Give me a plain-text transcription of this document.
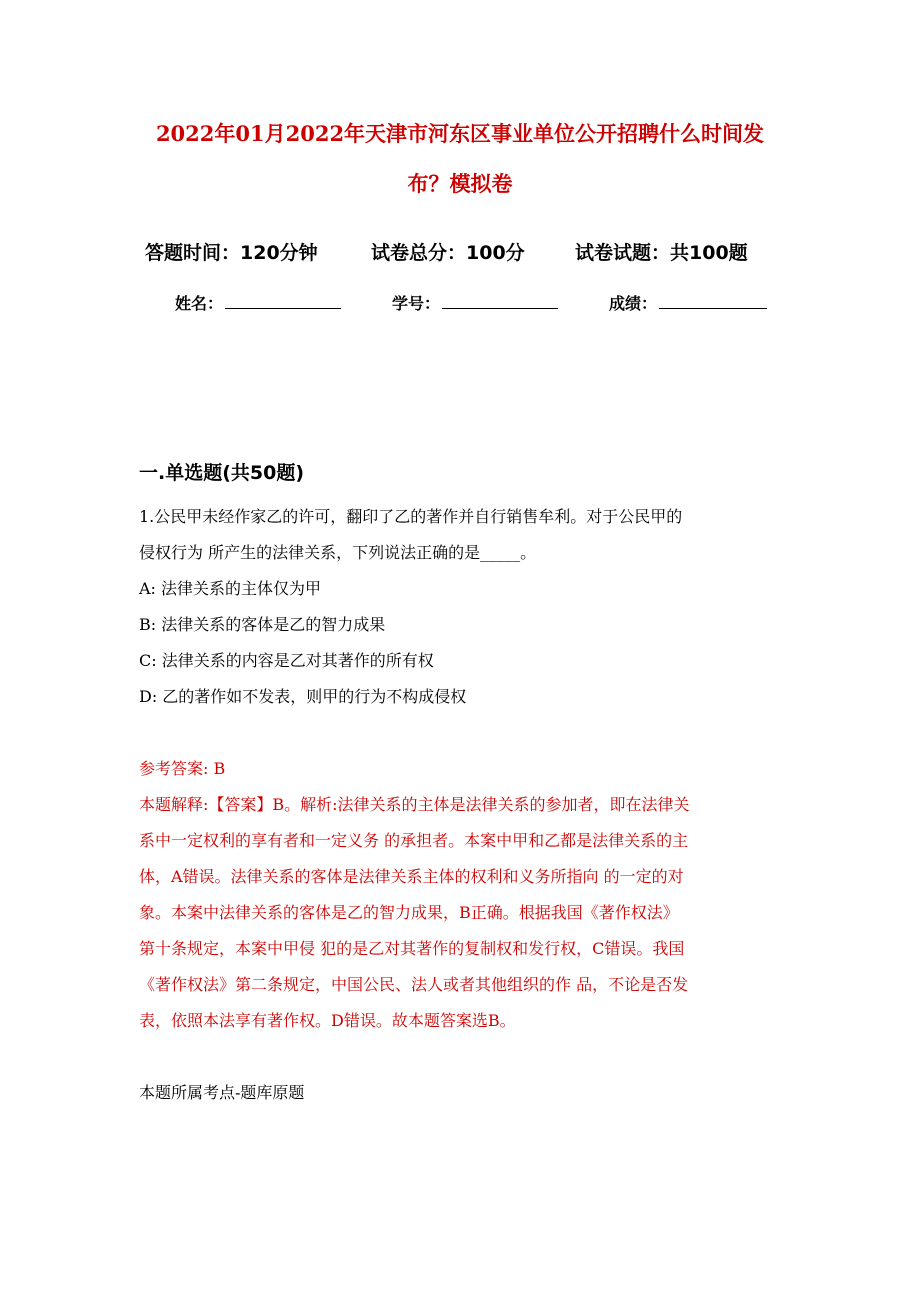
2022年01月2022年天津市河东区事业单位公开招聘什么时间发
布？模拟卷
答题时间：120分钟	试卷总分：100分	试卷试题：共100题
姓名：	学号：	成绩：
一.单选题(共50题)
1.公民甲未经作家乙的许可，翻印了乙的著作并自行销售牟利。对于公民甲的
侵权行为 所产生的法律关系，下列说法正确的是_____。
A: 法律关系的主体仅为甲
B: 法律关系的客体是乙的智力成果
C: 法律关系的内容是乙对其著作的所有权
D: 乙的著作如不发表，则甲的行为不构成侵权
参考答案: B
本题解释:【答案】B。解析:法律关系的主体是法律关系的参加者，即在法律关
系中一定权利的享有者和一定义务 的承担者。本案中甲和乙都是法律关系的主
体，A错误。法律关系的客体是法律关系主体的权利和义务所指向 的一定的对
象。本案中法律关系的客体是乙的智力成果，B正确。根据我国《著作权法》
第十条规定，本案中甲侵 犯的是乙对其著作的复制权和发行权，C错误。我国
《著作权法》第二条规定，中国公民、法人或者其他组织的作 品，不论是否发
表，依照本法享有著作权。D错误。故本题答案选B。
本题所属考点-题库原题
